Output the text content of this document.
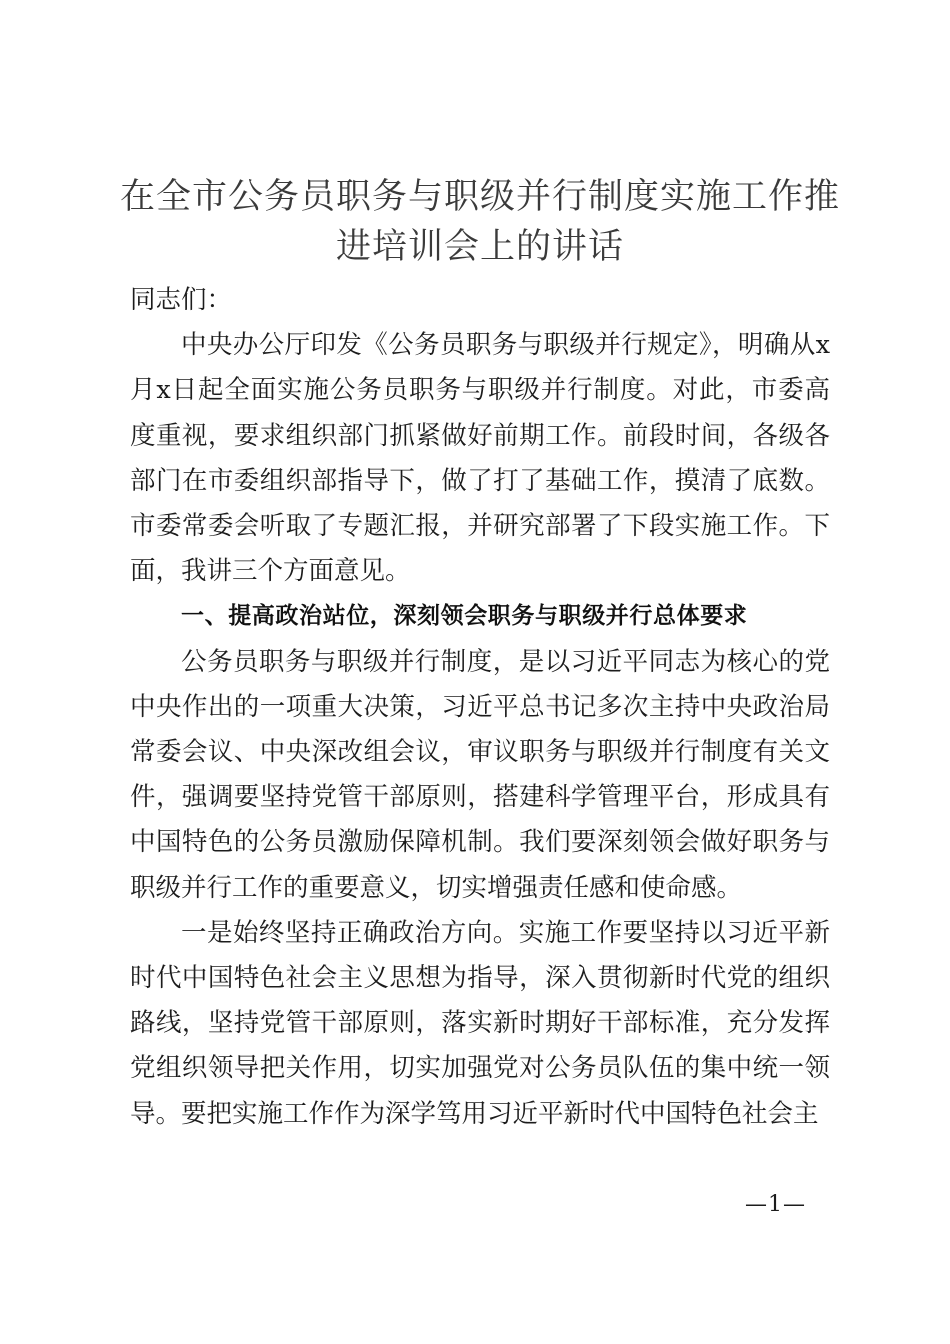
在全市公务员职务与职级并行制度实施工作推进培训会上的讲话

同志们：

中央办公厅印发《公务员职务与职级并行规定》，明确从x月x日起全面实施公务员职务与职级并行制度。对此，市委高度重视，要求组织部门抓紧做好前期工作。前段时间，各级各部门在市委组织部指导下，做了打了基础工作，摸清了底数。市委常委会听取了专题汇报，并研究部署了下段实施工作。下面，我讲三个方面意见。

一、提高政治站位，深刻领会职务与职级并行总体要求

公务员职务与职级并行制度，是以习近平同志为核心的党中央作出的一项重大决策，习近平总书记多次主持中央政治局常委会议、中央深改组会议，审议职务与职级并行制度有关文件，强调要坚持党管干部原则，搭建科学管理平台，形成具有中国特色的公务员激励保障机制。我们要深刻领会做好职务与职级并行工作的重要意义，切实增强责任感和使命感。

一是始终坚持正确政治方向。实施工作要坚持以习近平新时代中国特色社会主义思想为指导，深入贯彻新时代党的组织路线，坚持党管干部原则，落实新时期好干部标准，充分发挥党组织领导把关作用，切实加强党对公务员队伍的集中统一领导。要把实施工作作为深学笃用习近平新时代中国特色社会主

—1—
